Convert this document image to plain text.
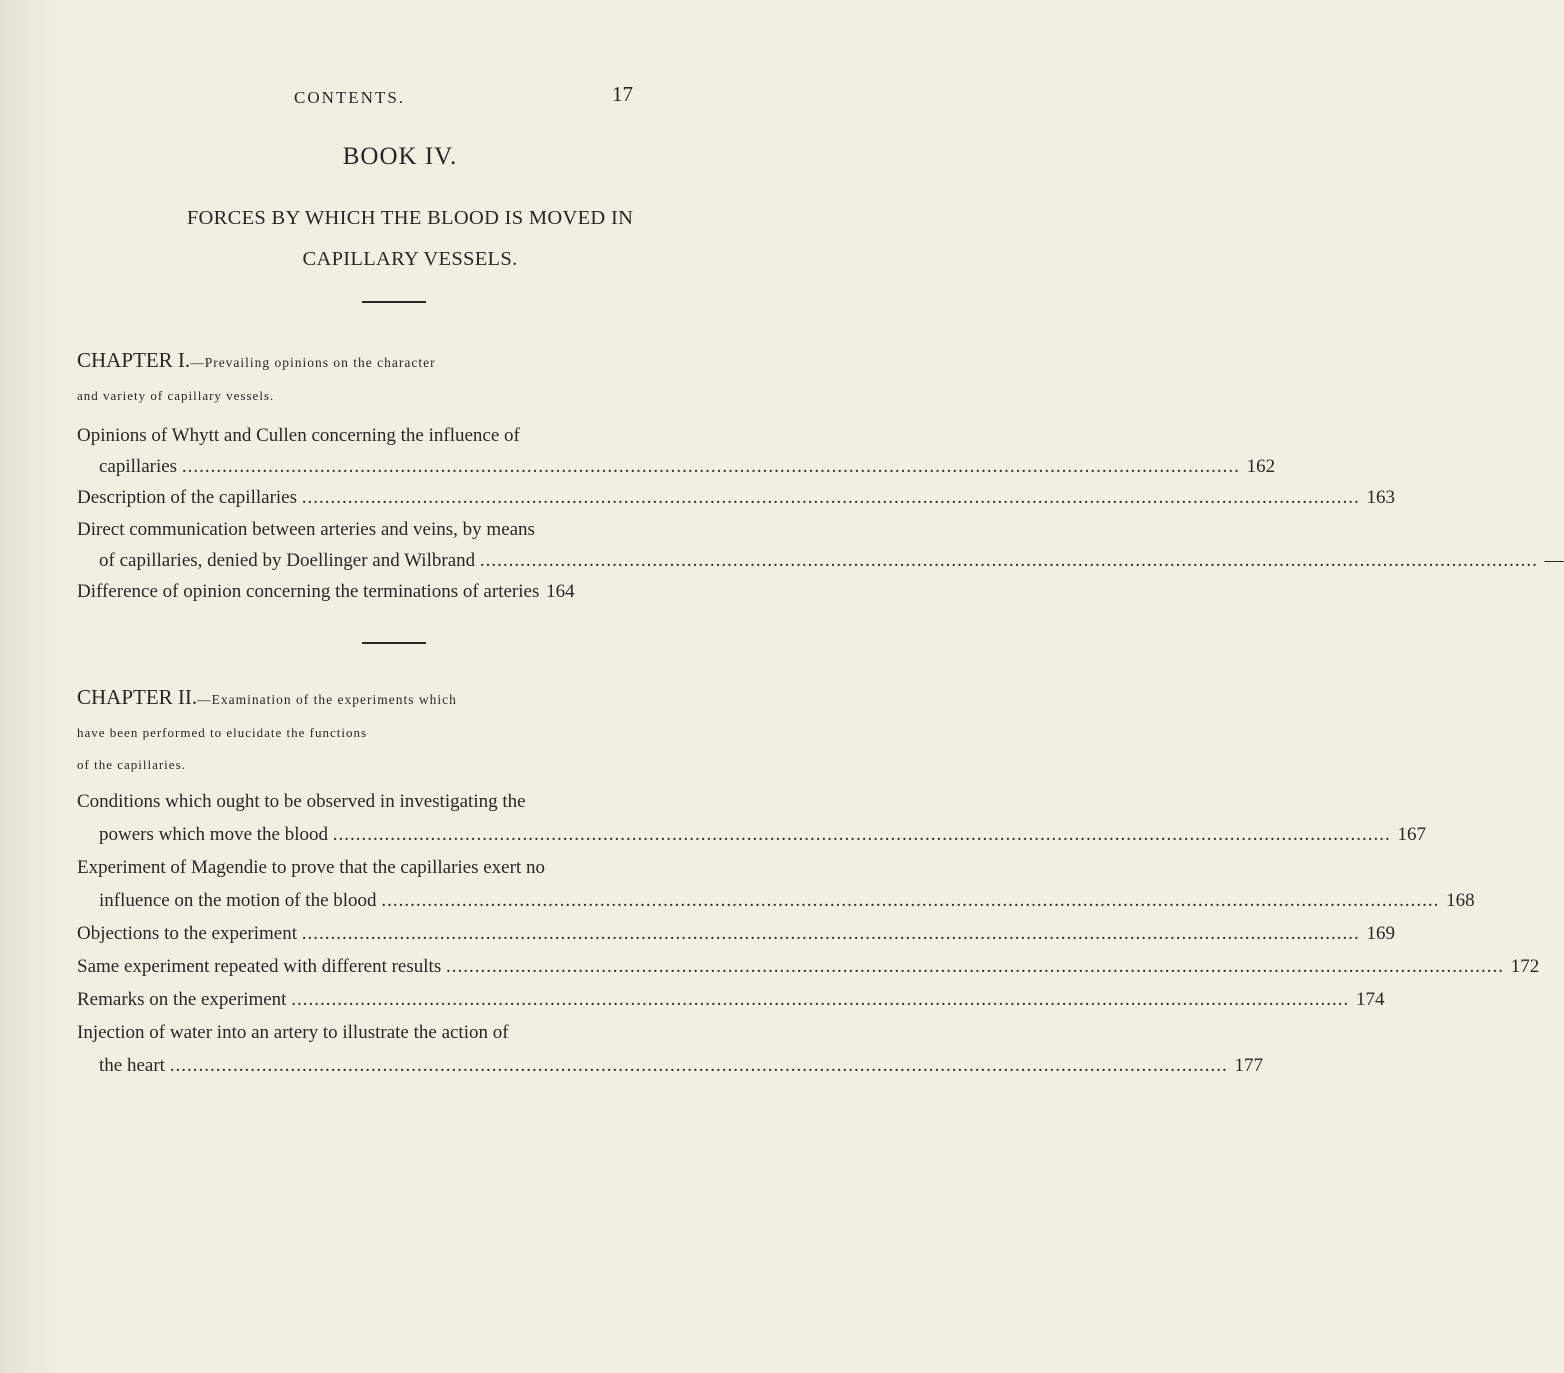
CONTENTS.	17
BOOK IV.
FORCES BY WHICH THE BLOOD IS MOVED IN
CAPILLARY VESSELS.
CHAPTER I.—Prevailing opinions on the character
and variety of capillary vessels.
Opinions of Whytt and Cullen concerning the influence of
capillaries .....	162
Description of the capillaries .....	163
Direct communication between arteries and veins, by means
of capillaries, denied by Doellinger and Wilbrand .....	—
Difference of opinion concerning the terminations of arteries 164
CHAPTER II.—Examination of the experiments which
have been performed to elucidate the functions
of the capillaries.
Conditions which ought to be observed in investigating the
powers which move the blood .....	167
Experiment of Magendie to prove that the capillaries exert no
influence on the motion of the blood .....	168
Objections to the experiment .....	169
Same experiment repeated with different results .....	172
Remarks on the experiment .....	174
Injection of water into an artery to illustrate the action of
the heart .....	177
